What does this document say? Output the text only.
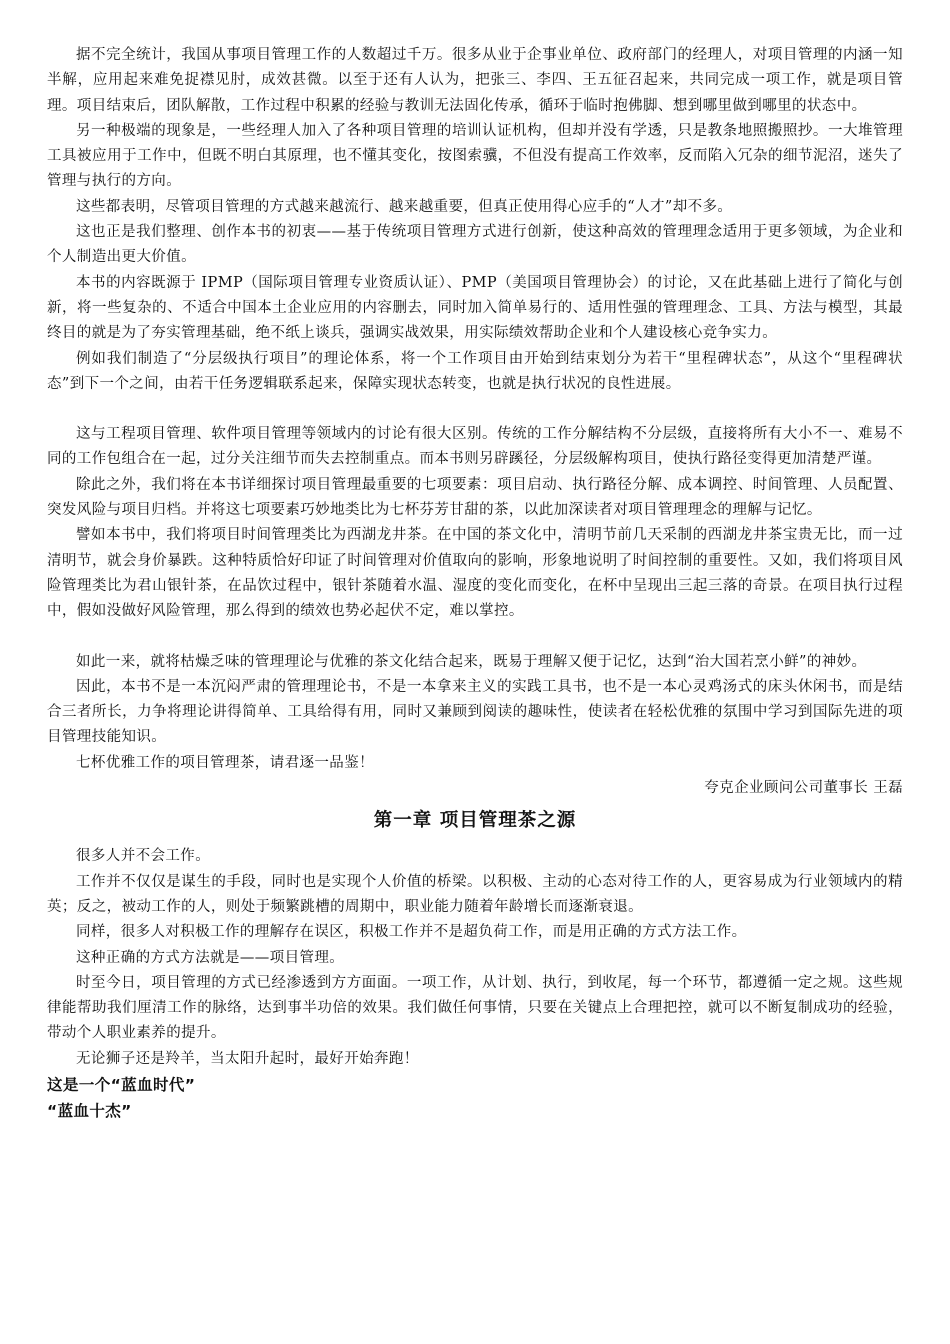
据不完全统计，我国从事项目管理工作的人数超过千万。很多从业于企事业单位、政府部门的经理人，对项目管理的内涵一知半解，应用起来难免捉襟见肘，成效甚微。以至于还有人认为，把张三、李四、王五征召起来，共同完成一项工作，就是项目管理。项目结束后，团队解散，工作过程中积累的经验与教训无法固化传承，循环于临时抱佛脚、想到哪里做到哪里的状态中。

另一种极端的现象是，一些经理人加入了各种项目管理的培训认证机构，但却并没有学透，只是教条地照搬照抄。一大堆管理工具被应用于工作中，但既不明白其原理，也不懂其变化，按图索骥，不但没有提高工作效率，反而陷入冗杂的细节泥沼，迷失了管理与执行的方向。

这些都表明，尽管项目管理的方式越来越流行、越来越重要，但真正使用得心应手的“人才”却不多。

这也正是我们整理、创作本书的初衷——基于传统项目管理方式进行创新，使这种高效的管理理念适用于更多领域，为企业和个人制造出更大价值。

本书的内容既源于 IPMP（国际项目管理专业资质认证）、PMP（美国项目管理协会）的讨论，又在此基础上进行了简化与创新，将一些复杂的、不适合中国本土企业应用的内容删去，同时加入简单易行的、适用性强的管理理念、工具、方法与模型，其最终目的就是为了夯实管理基础，绝不纸上谈兵，强调实战效果，用实际绩效帮助企业和个人建设核心竞争实力。

例如我们制造了“分层级执行项目”的理论体系，将一个工作项目由开始到结束划分为若干“里程碑状态”，从这个“里程碑状态”到下一个之间，由若干任务逻辑联系起来，保障实现状态转变，也就是执行状况的良性进展。

这与工程项目管理、软件项目管理等领域内的讨论有很大区别。传统的工作分解结构不分层级，直接将所有大小不一、难易不同的工作包组合在一起，过分关注细节而失去控制重点。而本书则另辟蹊径，分层级解构项目，使执行路径变得更加清楚严谨。

除此之外，我们将在本书详细探讨项目管理最重要的七项要素：项目启动、执行路径分解、成本调控、时间管理、人员配置、突发风险与项目归档。并将这七项要素巧妙地类比为七杯芬芳甘甜的茶，以此加深读者对项目管理理念的理解与记忆。

譬如本书中，我们将项目时间管理类比为西湖龙井茶。在中国的茶文化中，清明节前几天采制的西湖龙井茶宝贵无比，而一过清明节，就会身价暴跌。这种特质恰好印证了时间管理对价值取向的影响，形象地说明了时间控制的重要性。又如，我们将项目风险管理类比为君山银针茶，在品饮过程中，银针茶随着水温、湿度的变化而变化，在杯中呈现出三起三落的奇景。在项目执行过程中，假如没做好风险管理，那么得到的绩效也势必起伏不定，难以掌控。

如此一来，就将枯燥乏味的管理理论与优雅的茶文化结合起来，既易于理解又便于记忆，达到“治大国若烹小鲜”的神妙。

因此，本书不是一本沉闷严肃的管理理论书，不是一本拿来主义的实践工具书，也不是一本心灵鸡汤式的床头休闲书，而是结合三者所长，力争将理论讲得简单、工具给得有用，同时又兼顾到阅读的趣味性，使读者在轻松优雅的氛围中学习到国际先进的项目管理技能知识。

七杯优雅工作的项目管理茶，请君逐一品鉴！

夸克企业顾问公司董事长 王磊
第一章 项目管理茶之源

很多人并不会工作。

工作并不仅仅是谋生的手段，同时也是实现个人价值的桥梁。以积极、主动的心态对待工作的人，更容易成为行业领域内的精英；反之，被动工作的人，则处于频繁跳槽的周期中，职业能力随着年龄增长而逐渐衰退。

同样，很多人对积极工作的理解存在误区，积极工作并不是超负荷工作，而是用正确的方式方法工作。

这种正确的方式方法就是——项目管理。

时至今日，项目管理的方式已经渗透到方方面面。一项工作，从计划、执行，到收尾，每一个环节，都遵循一定之规。这些规律能帮助我们厘清工作的脉络，达到事半功倍的效果。我们做任何事情，只要在关键点上合理把控，就可以不断复制成功的经验，带动个人职业素养的提升。

无论狮子还是羚羊，当太阳升起时，最好开始奔跑！

这是一个“蓝血时代”
“蓝血十杰”
